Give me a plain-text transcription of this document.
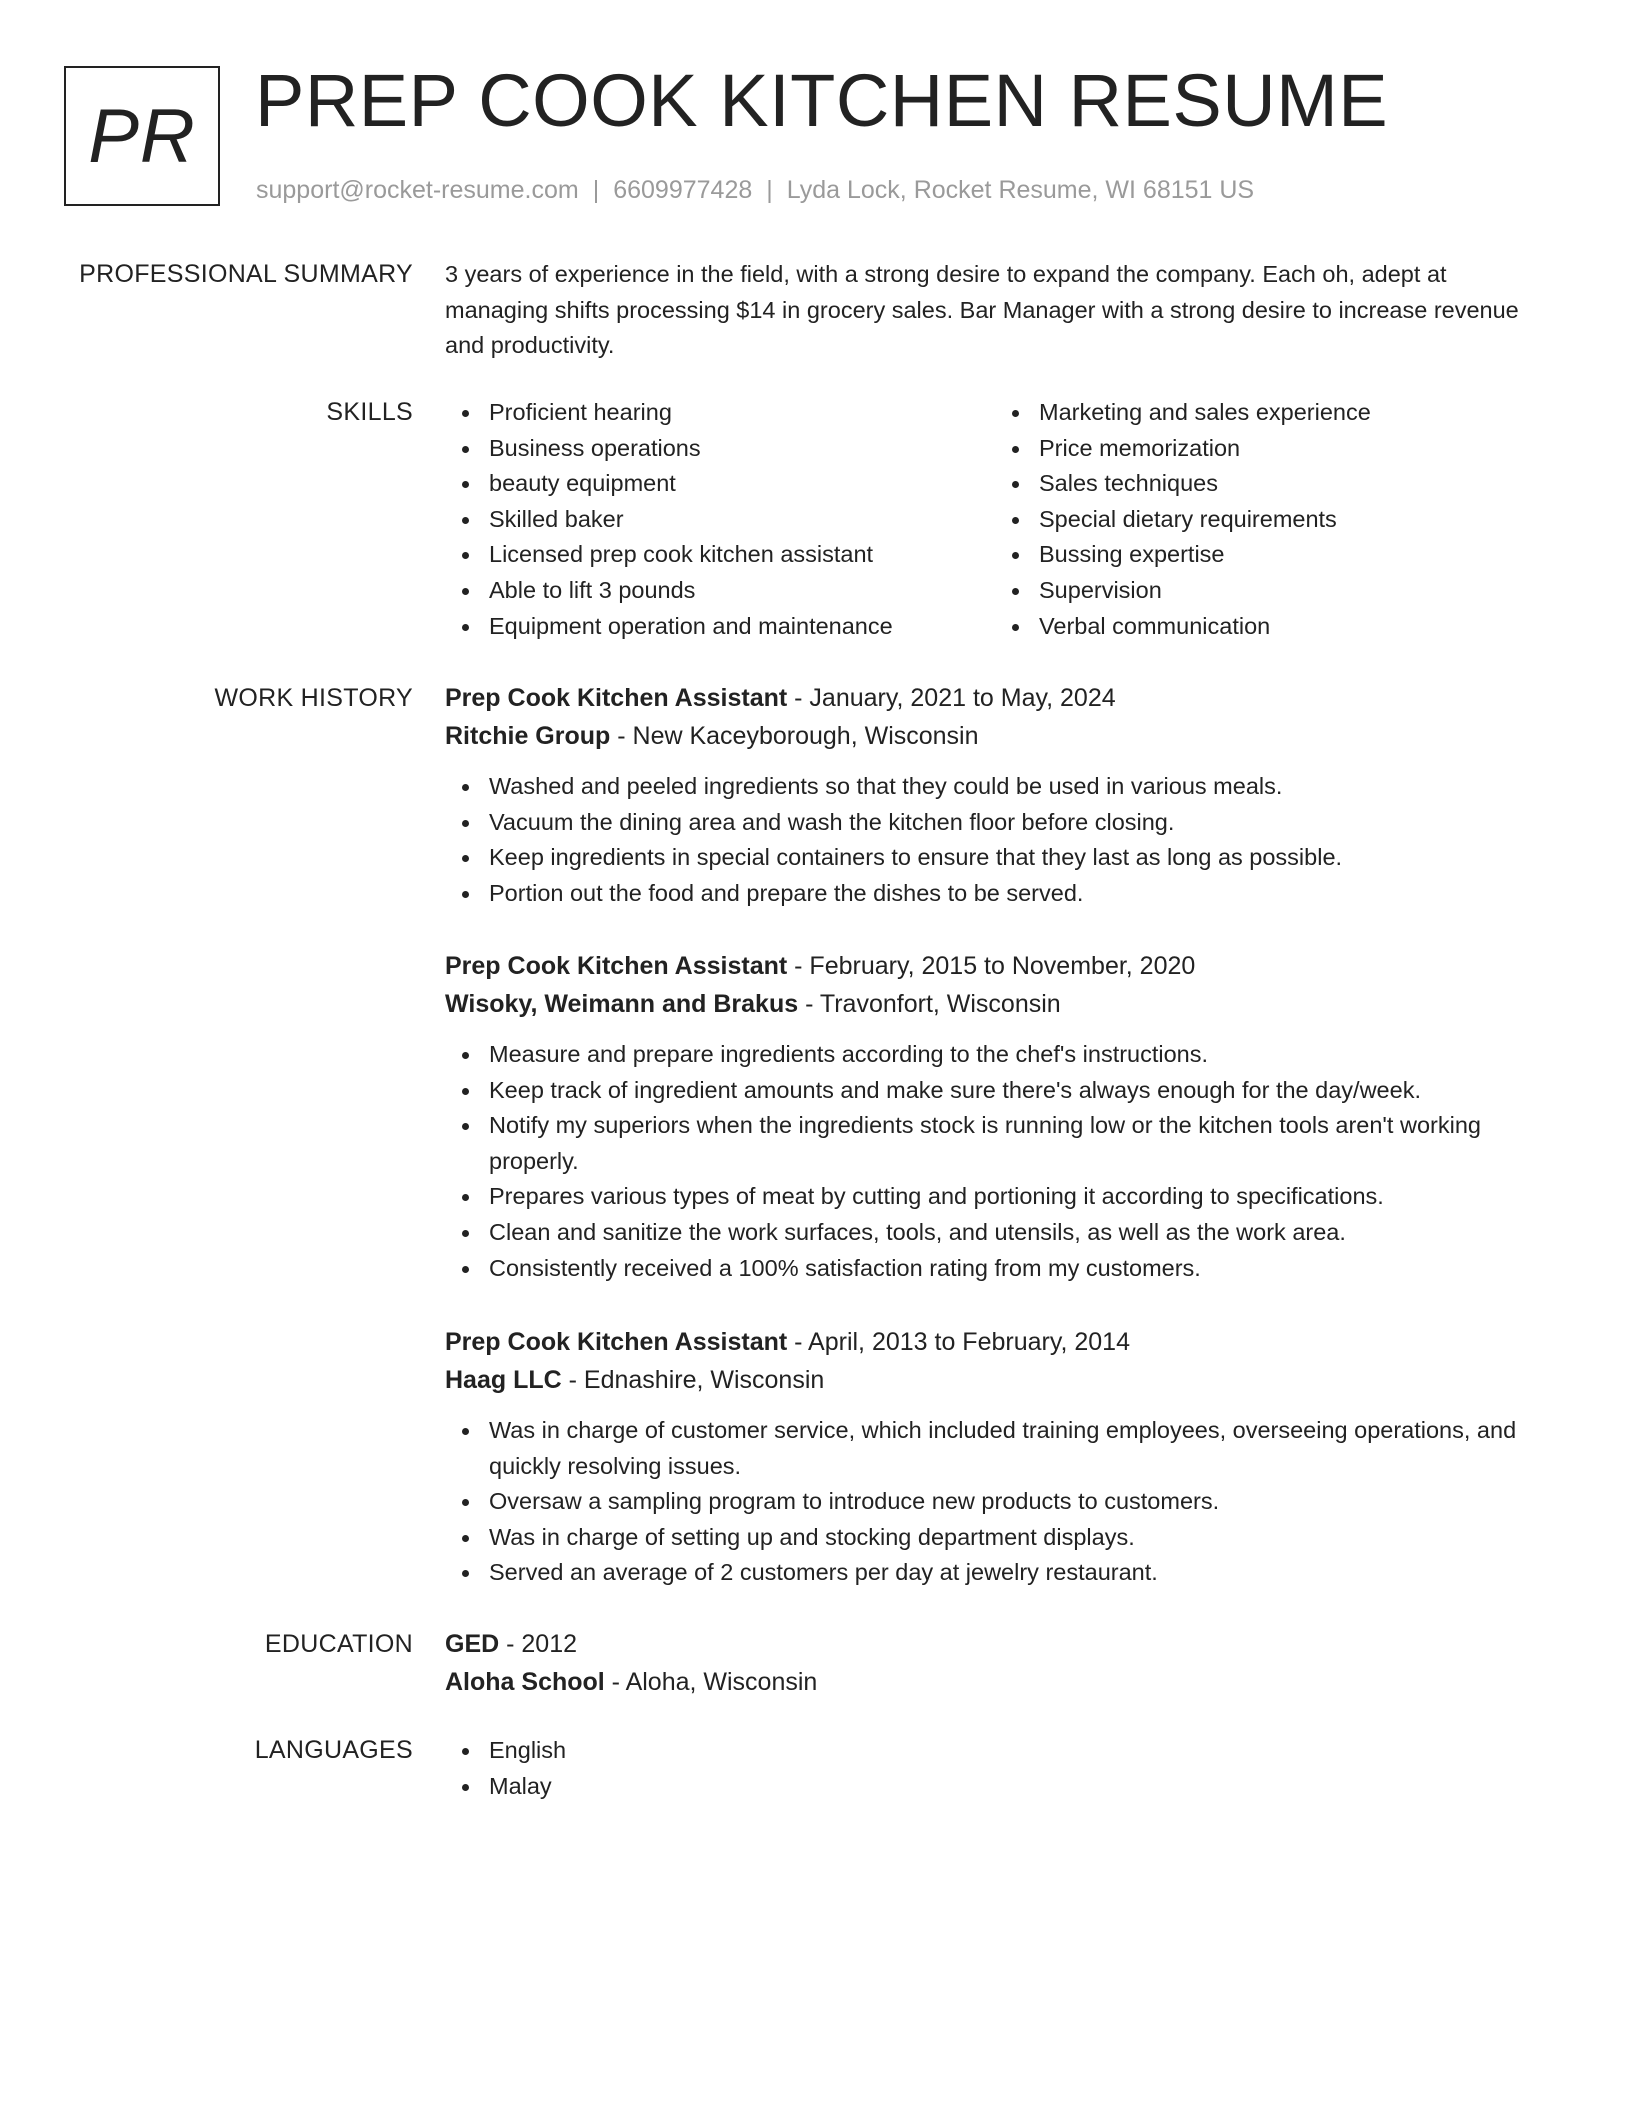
PR PREP COOK KITCHEN RESUME
support@rocket-resume.com | 6609977428 | Lyda Lock, Rocket Resume, WI 68151 US
PROFESSIONAL SUMMARY 3 years of experience in the field, with a strong desire to expand the company. Each oh, adept at managing shifts processing $14 in grocery sales. Bar Manager with a strong desire to increase revenue and productivity.
SKILLS	Proficient hearing
Business operations
beauty equipment
Skilled baker
Licensed prep cook kitchen assistant
Able to lift 3 pounds
Equipment operation and maintenance
Marketing and sales experience
Price memorization
Sales techniques
Special dietary requirements
Bussing expertise
Supervision
Verbal communication
WORK HISTORY Prep Cook Kitchen Assistant - January, 2021 to May, 2024
Ritchie Group - New Kaceyborough, Wisconsin
Washed and peeled ingredients so that they could be used in various meals.
Vacuum the dining area and wash the kitchen floor before closing.
Keep ingredients in special containers to ensure that they last as long as possible.
Portion out the food and prepare the dishes to be served.
Prep Cook Kitchen Assistant - February, 2015 to November, 2020
Wisoky, Weimann and Brakus - Travonfort, Wisconsin
Measure and prepare ingredients according to the chef's instructions.
Keep track of ingredient amounts and make sure there's always enough for the day/week.
Notify my superiors when the ingredients stock is running low or the kitchen tools aren't working properly.
Prepares various types of meat by cutting and portioning it according to specifications.
Clean and sanitize the work surfaces, tools, and utensils, as well as the work area.
Consistently received a 100% satisfaction rating from my customers.
Prep Cook Kitchen Assistant - April, 2013 to February, 2014
Haag LLC - Ednashire, Wisconsin
Was in charge of customer service, which included training employees, overseeing operations, and quickly resolving issues.
Oversaw a sampling program to introduce new products to customers.
Was in charge of setting up and stocking department displays.
Served an average of 2 customers per day at jewelry restaurant.
EDUCATION GED - 2012
Aloha School - Aloha, Wisconsin
LANGUAGES	English
Malay
